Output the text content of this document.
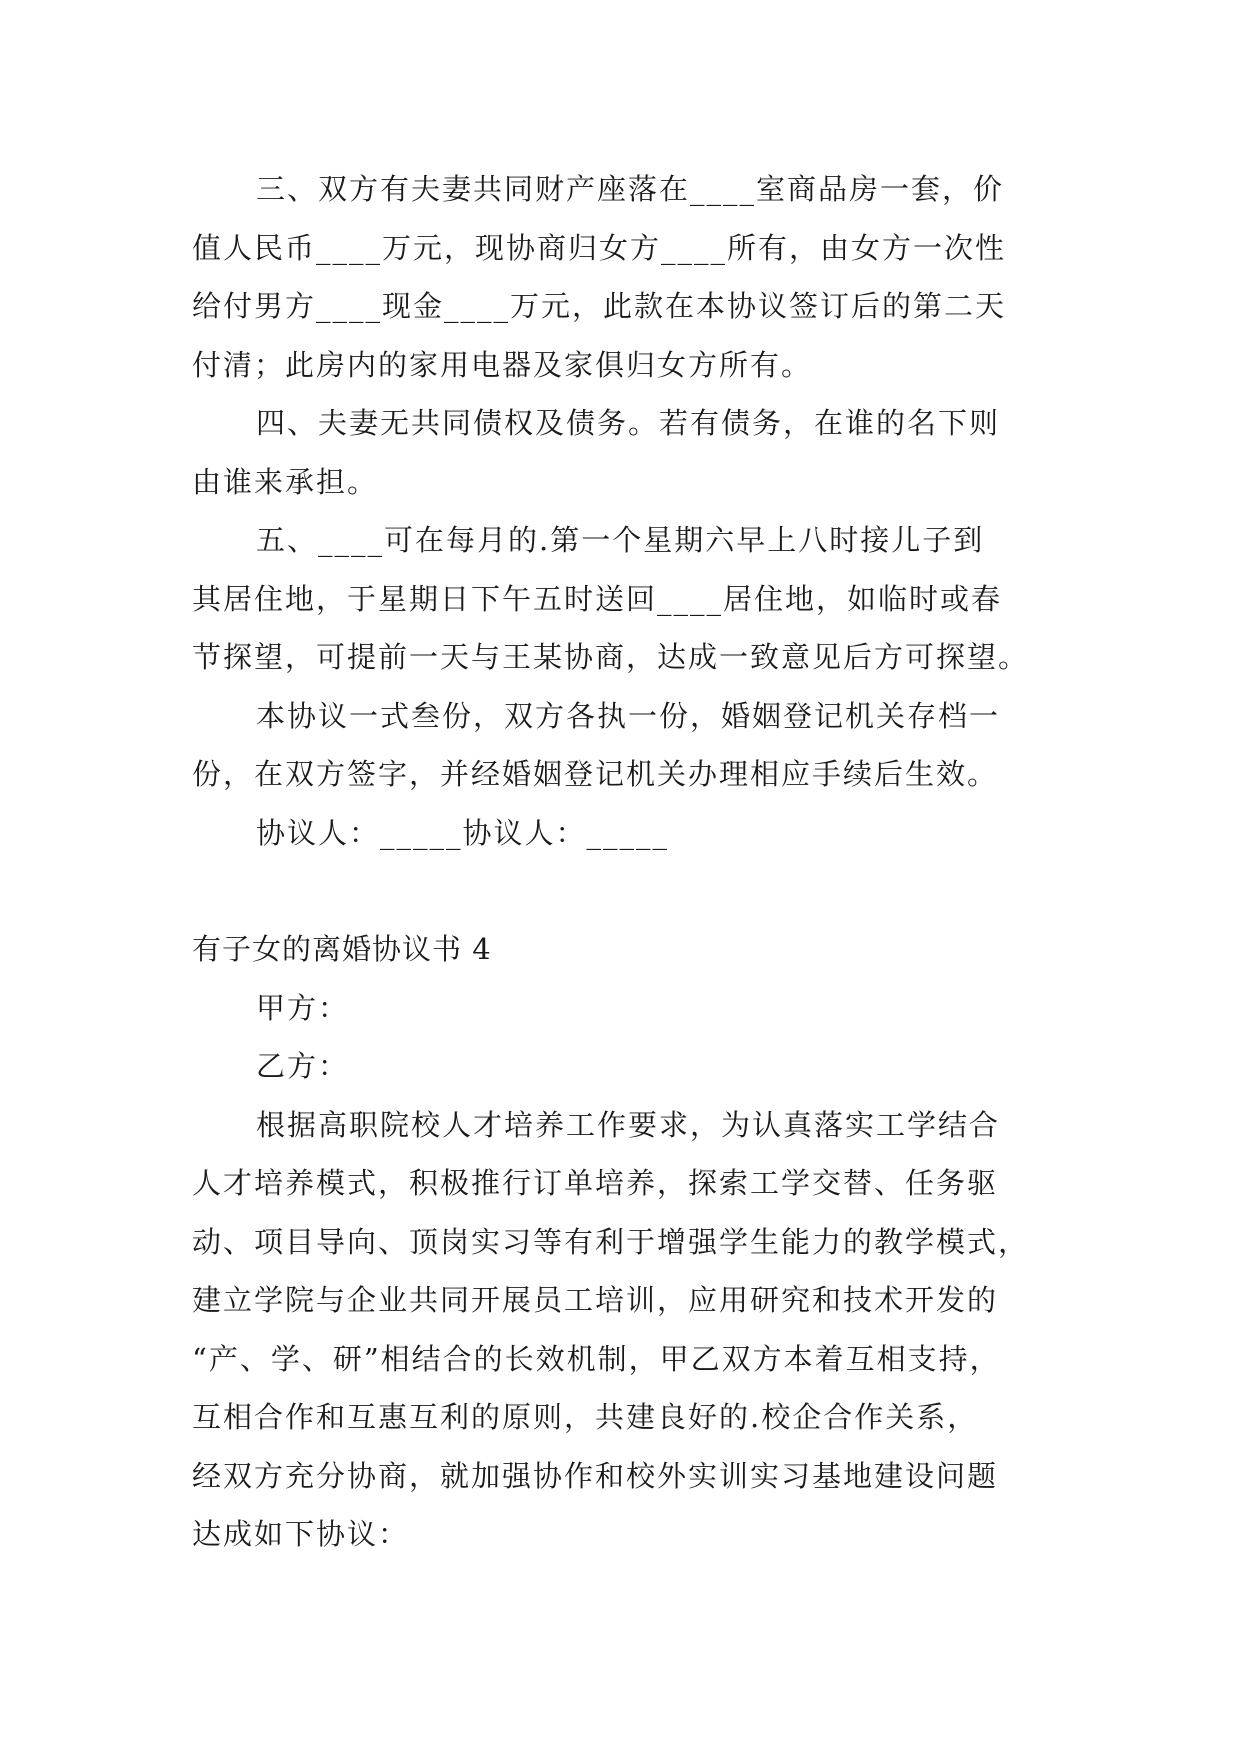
三、双方有夫妻共同财产座落在____室商品房一套，价
值人民币____万元，现协商归女方____所有，由女方一次性
给付男方____现金____万元，此款在本协议签订后的第二天
付清；此房内的家用电器及家俱归女方所有。
四、夫妻无共同债权及债务。若有债务，在谁的名下则
由谁来承担。
五、____可在每月的.第一个星期六早上八时接儿子到
其居住地，于星期日下午五时送回____居住地，如临时或春
节探望，可提前一天与王某协商，达成一致意见后方可探望。
本协议一式叁份，双方各执一份，婚姻登记机关存档一
份，在双方签字，并经婚姻登记机关办理相应手续后生效。
协议人：_____协议人：_____
有子女的离婚协议书 4
甲方：
乙方：
根据高职院校人才培养工作要求，为认真落实工学结合
人才培养模式，积极推行订单培养，探索工学交替、任务驱
动、项目导向、顶岗实习等有利于增强学生能力的教学模式，
建立学院与企业共同开展员工培训，应用研究和技术开发的
“产、学、研”相结合的长效机制，甲乙双方本着互相支持，
互相合作和互惠互利的原则，共建良好的.校企合作关系，
经双方充分协商，就加强协作和校外实训实习基地建设问题
达成如下协议：
